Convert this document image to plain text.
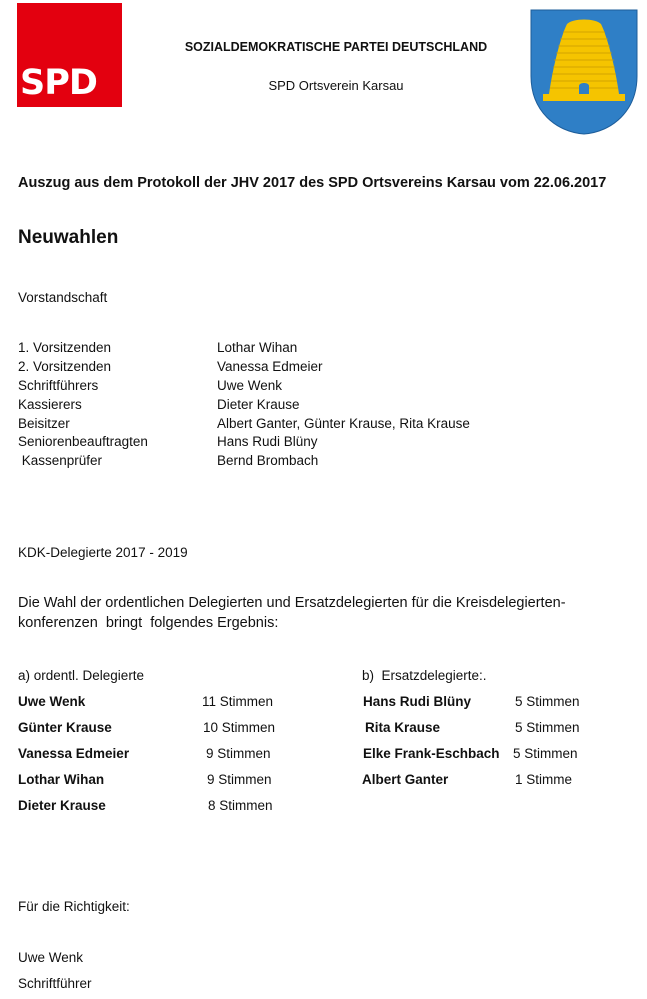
SPD
SOZIALDEMOKRATISCHE PARTEI DEUTSCHLAND
SPD Ortsverein Karsau
Auszug aus dem Protokoll der JHV 2017 des SPD Ortsvereins Karsau vom 22.06.2017
Neuwahlen
Vorstandschaft
1. Vorsitzenden	Lothar Wihan
2. Vorsitzenden	Vanessa Edmeier
Schriftführers	Uwe Wenk
Kassierers	Dieter Krause
Beisitzer	Albert Ganter, Günter Krause, Rita Krause
Seniorenbeauftragten	Hans Rudi Blüny
Kassenprüfer	Bernd Brombach
KDK-Delegierte 2017 - 2019
Die Wahl der ordentlichen Delegierten und Ersatzdelegierten für die Kreisdelegierten-
konferenzen  bringt  folgendes Ergebnis:
a) ordentl. Delegierte
Uwe Wenk	11 Stimmen
Günter Krause	10 Stimmen
Vanessa Edmeier	9 Stimmen
Lothar Wihan	9 Stimmen
Dieter Krause	8 Stimmen
b)  Ersatzdelegierte:.
Hans Rudi Blüny	5 Stimmen
Rita Krause	5 Stimmen
Elke Frank-Eschbach 5 Stimmen
Albert Ganter	1 Stimme
Für die Richtigkeit:
Uwe Wenk
Schriftführer
